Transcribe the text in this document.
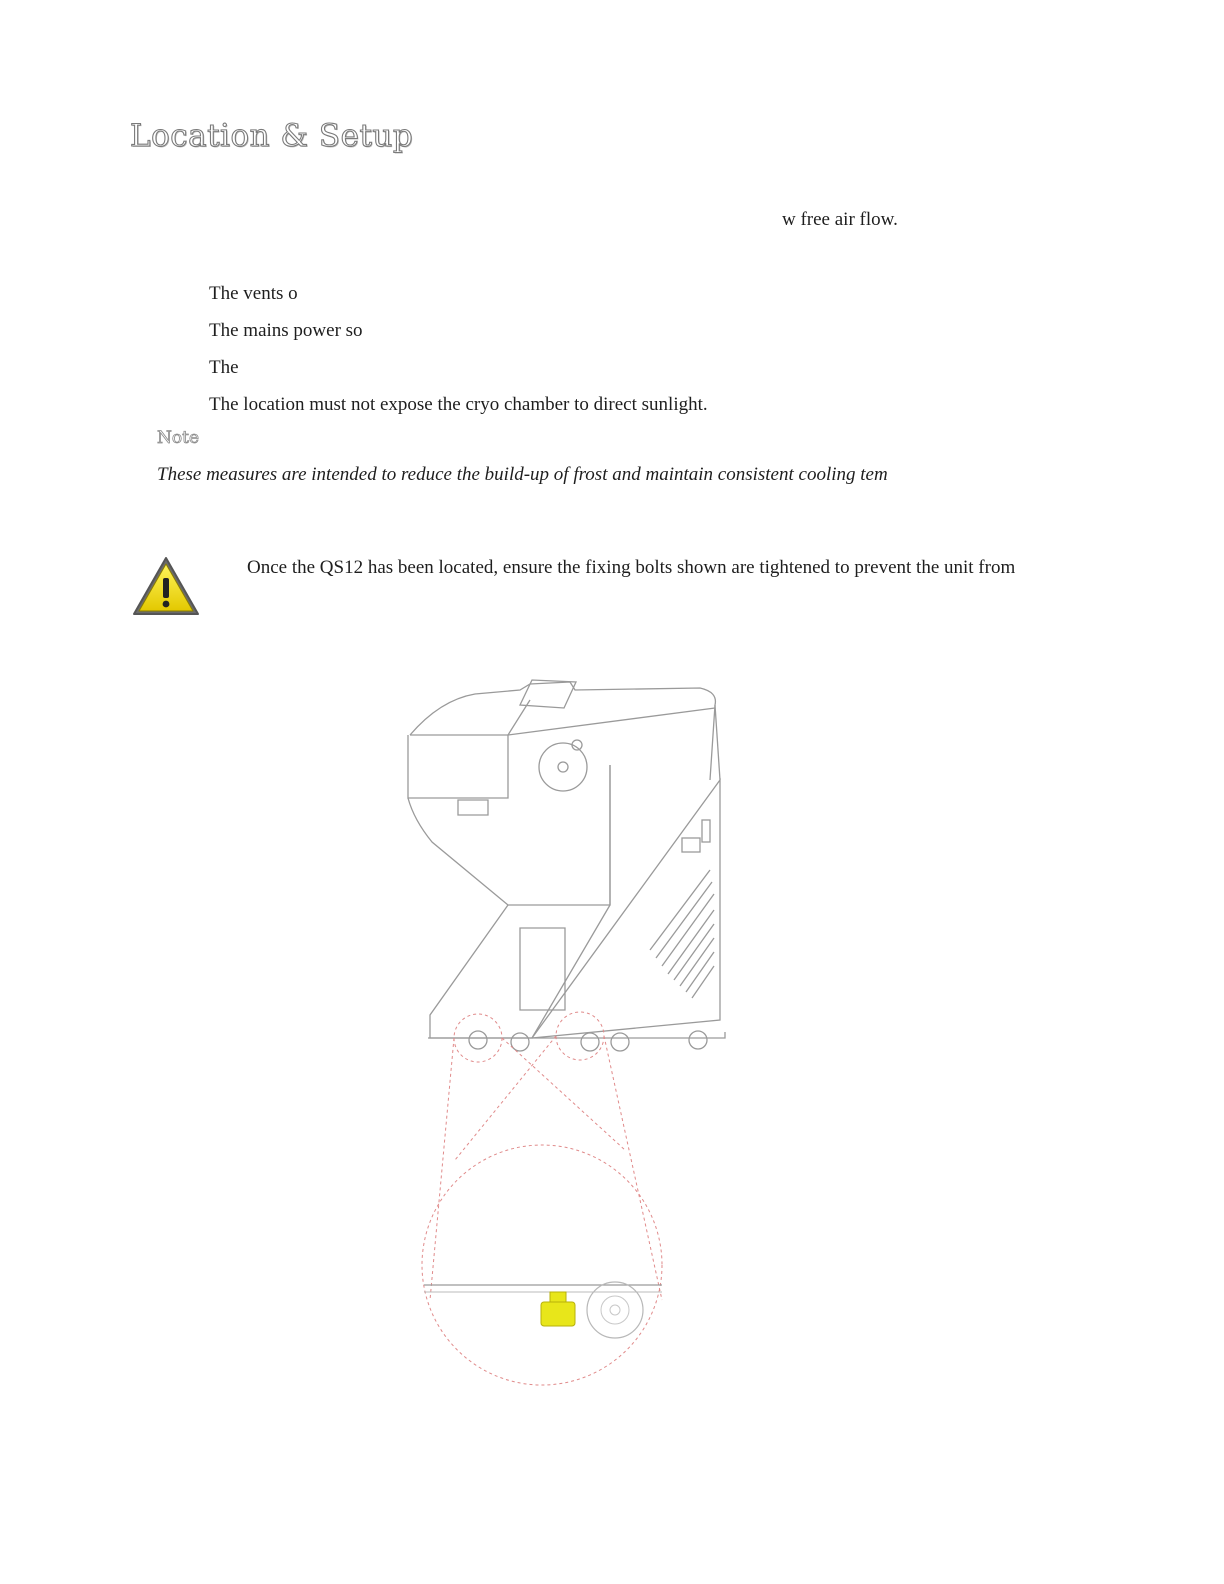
Location & Setup
w free air flow.
The vents o
The mains power so
The
The location must not expose the cryo chamber to direct sunlight.
Note
These measures are intended to reduce the build-up of frost and maintain consistent cooling tem
Once the QS12 has been located, ensure the fixing bolts shown are tightened to prevent the unit from
